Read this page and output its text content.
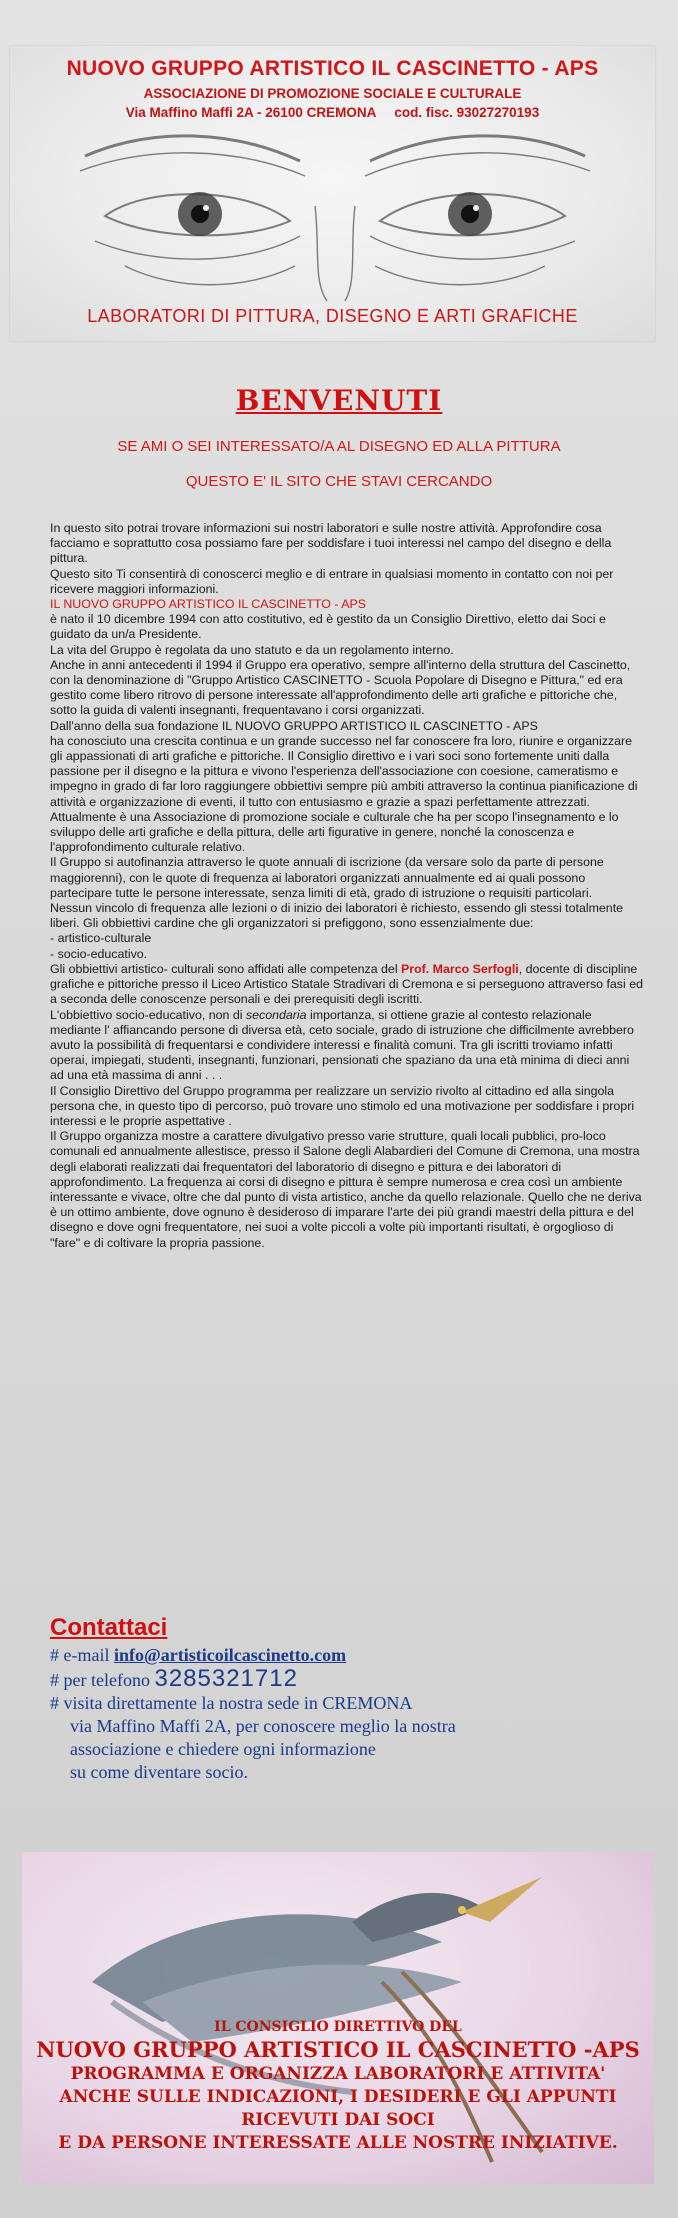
NUOVO GRUPPO ARTISTICO IL CASCINETTO - APS
ASSOCIAZIONE DI PROMOZIONE SOCIALE E CULTURALE
Via Maffino Maffi 2A - 26100 CREMONA cod. fisc. 93027270193
LABORATORI DI PITTURA, DISEGNO E ARTI GRAFICHE
BENVENUTI
SE AMI O SEI INTERESSATO/A AL DISEGNO ED ALLA PITTURA
QUESTO E' IL SITO CHE STAVI CERCANDO

In questo sito potrai trovare informazioni sui nostri laboratori e sulle nostre attività. Approfondire cosa facciamo e soprattutto cosa possiamo fare per soddisfare i tuoi interessi nel campo del disegno e della pittura.

Questo sito Ti consentirà di conoscerci meglio e di entrare in qualsiasi momento in contatto con noi per ricevere maggiori informazioni.

IL NUOVO GRUPPO ARTISTICO IL CASCINETTO - APS

è nato il 10 dicembre 1994 con atto costitutivo, ed è gestito da un Consiglio Direttivo, eletto dai Soci e guidato da un/a Presidente.

La vita del Gruppo è regolata da uno statuto e da un regolamento interno.

Anche in anni antecedenti il 1994 il Gruppo era operativo, sempre all'interno della struttura del Cascinetto, con la denominazione di "Gruppo Artistico CASCINETTO - Scuola Popolare di Disegno e Pittura," ed era gestito come libero ritrovo di persone interessate all'approfondimento delle arti grafiche e pittoriche che, sotto la guida di valenti insegnanti, frequentavano i corsi organizzati.

Dall'anno della sua fondazione IL NUOVO GRUPPO ARTISTICO IL CASCINETTO - APS

ha conosciuto una crescita continua e un grande successo nel far conoscere fra loro, riunire e organizzare gli appassionati di arti grafiche e pittoriche. Il Consiglio direttivo e i vari soci sono fortemente uniti dalla passione per il disegno e la pittura e vivono l'esperienza dell'associazione con coesione, cameratismo e impegno in grado di far loro raggiungere obbiettivi sempre più ambiti attraverso la continua pianificazione di attività e organizzazione di eventi, il tutto con entusiasmo e grazie a spazi perfettamente attrezzati.

Attualmente è una Associazione di promozione sociale e culturale che ha per scopo l'insegnamento e lo sviluppo delle arti grafiche e della pittura, delle arti figurative in genere, nonché la conoscenza e l'approfondimento culturale relativo.

Il Gruppo si autofinanzia attraverso le quote annuali di iscrizione (da versare solo da parte di persone maggiorenni), con le quote di frequenza ai laboratori organizzati annualmente ed ai quali possono partecipare tutte le persone interessate, senza limiti di età, grado di istruzione o requisiti particolari.

Nessun vincolo di frequenza alle lezioni o di inizio dei laboratori è richiesto, essendo gli stessi totalmente liberi. Gli obbiettivi cardine che gli organizzatori si prefiggono, sono essenzialmente due:

- artistico-culturale

- socio-educativo.

Gli obbiettivi artistico- culturali sono affidati alle competenza del Prof. Marco Serfogli, docente di discipline grafiche e pittoriche presso il Liceo Artistico Statale Stradivari di Cremona e si perseguono attraverso fasi ed a seconda delle conoscenze personali e dei prerequisiti degli iscritti.

L'obbiettivo socio-educativo, non di secondaria importanza, si ottiene grazie al contesto relazionale mediante l' affiancando persone di diversa età, ceto sociale, grado di istruzione che difficilmente avrebbero avuto la possibilità di frequentarsi e condividere interessi e finalità comuni. Tra gli iscritti troviamo infatti operai, impiegati, studenti, insegnanti, funzionari, pensionati che spaziano da una età minima di dieci anni ad una età massima di anni . . .

Il Consiglio Direttivo del Gruppo programma per realizzare un servizio rivolto al cittadino ed alla singola persona che, in questo tipo di percorso, può trovare uno stimolo ed una motivazione per soddisfare i propri interessi e le proprie aspettative .

Il Gruppo organizza mostre a carattere divulgativo presso varie strutture, quali locali pubblici, pro-loco comunali ed annualmente allestisce, presso il Salone degli Alabardieri del Comune di Cremona, una mostra degli elaborati realizzati dai frequentatori del laboratorio di disegno e pittura e dei laboratori di approfondimento. La frequenza ai corsi di disegno e pittura è sempre numerosa e crea così un ambiente interessante e vivace, oltre che dal punto di vista artistico, anche da quello relazionale. Quello che ne deriva è un ottimo ambiente, dove ognuno è desideroso di imparare l'arte dei più grandi maestri della pittura e del disegno e dove ogni frequentatore, nei suoi a volte piccoli a volte più importanti risultati, è orgoglioso di "fare" e di coltivare la propria passione.

Contattaci
# e-mail info@artisticoilcascinetto.com
# per telefono 3285321712
# visita direttamente la nostra sede in CREMONA
via Maffino Maffi 2A, per conoscere meglio la nostra
associazione e chiedere ogni informazione
su come diventare socio.
IL CONSIGLIO DIRETTIVO DEL
NUOVO GRUPPO ARTISTICO IL CASCINETTO -APS
PROGRAMMA E ORGANIZZA LABORATORI E ATTIVITA'
ANCHE SULLE INDICAZIONI, I DESIDERI E GLI APPUNTI
RICEVUTI DAI SOCI
E DA PERSONE INTERESSATE ALLE NOSTRE INIZIATIVE.
